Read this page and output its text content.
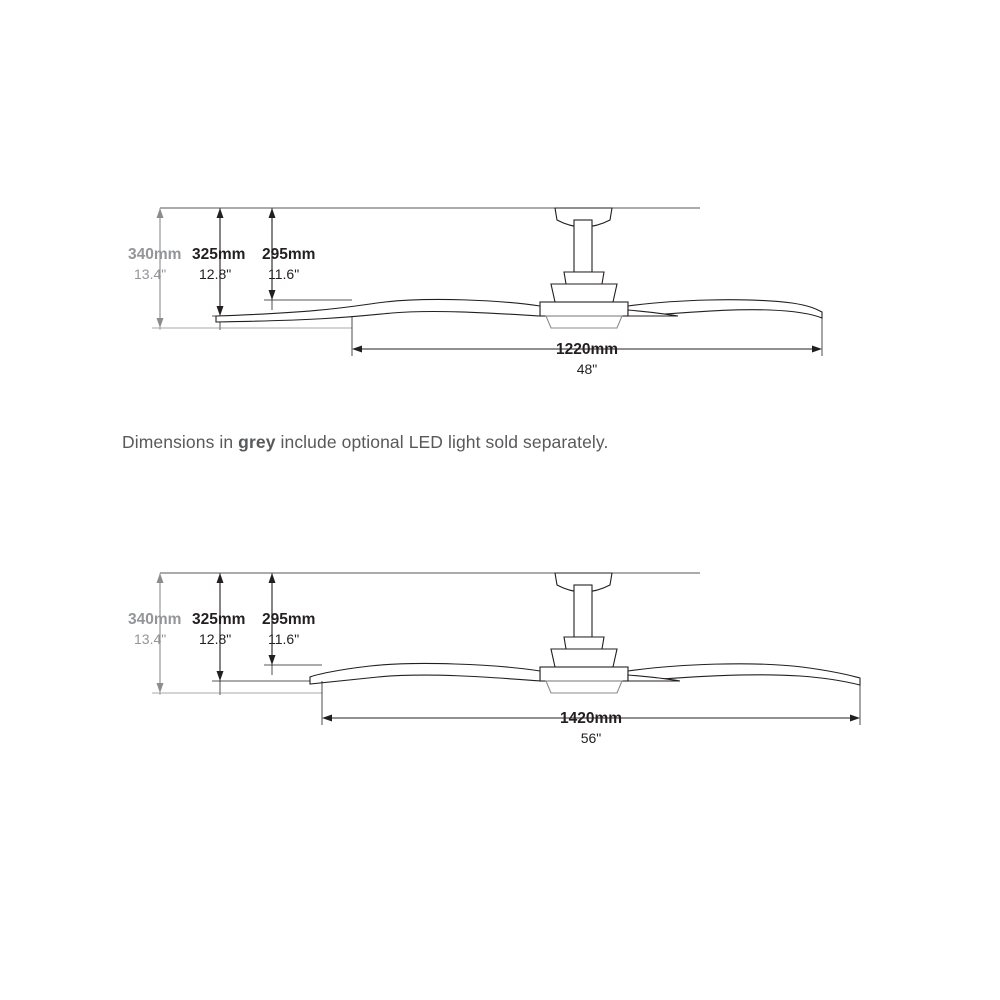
340mm
13.4"
325mm
12.8"
295mm
11.6"
1220mm
48"
Dimensions in grey include optional LED light sold separately.
340mm
13.4"
325mm
12.8"
295mm
11.6"
1420mm
56"
